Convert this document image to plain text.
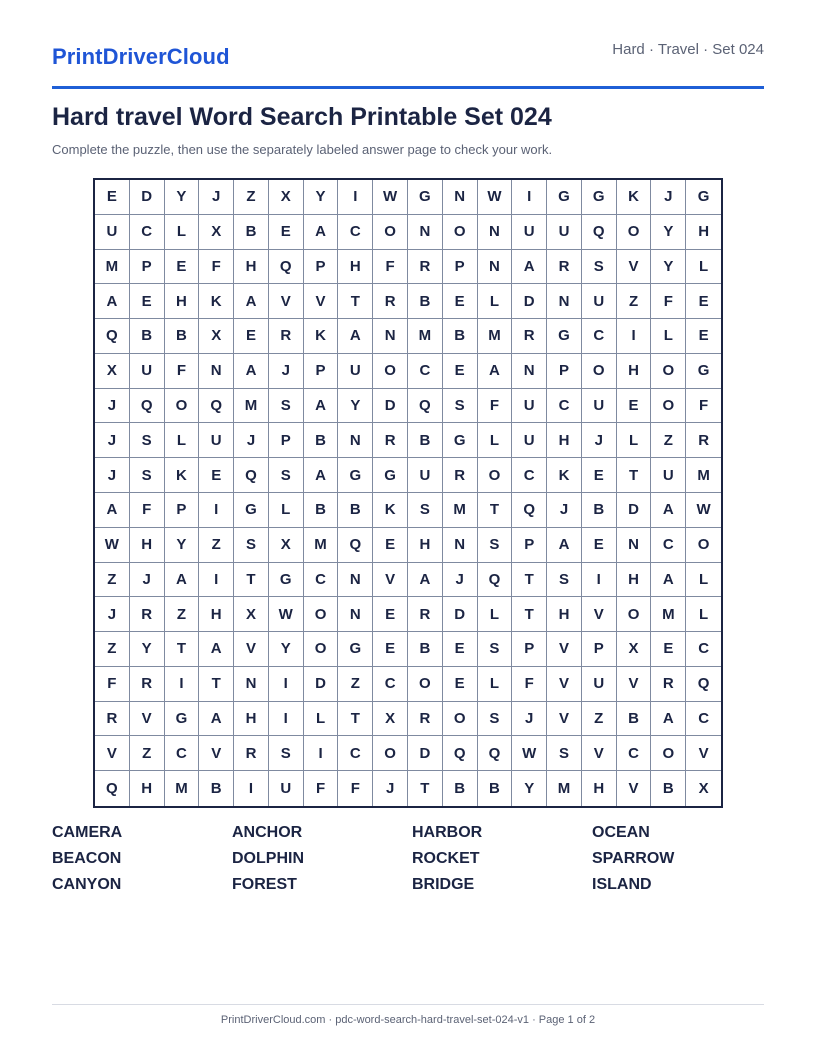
PrintDriverCloud	Hard · Travel · Set 024
Hard travel Word Search Printable Set 024
Complete the puzzle, then use the separately labeled answer page to check your work.
E	D	Y	J	Z	X	Y	I	W	G	N	W	I	G	G	K	J	G
U	C	L	X	B	E	A	C	O	N	O	N	U	U	Q	O	Y	H
M	P	E	F	H	Q	P	H	F	R	P	N	A	R	S	V	Y	L
A	E	H	K	A	V	V	T	R	B	E	L	D	N	U	Z	F	E
Q	B	B	X	E	R	K	A	N	M	B	M	R	G	C	I	L	E
X	U	F	N	A	J	P	U	O	C	E	A	N	P	O	H	O	G
J	Q	O	Q	M	S	A	Y	D	Q	S	F	U	C	U	E	O	F
J	S	L	U	J	P	B	N	R	B	G	L	U	H	J	L	Z	R
J	S	K	E	Q	S	A	G	G	U	R	O	C	K	E	T	U	M
A	F	P	I	G	L	B	B	K	S	M	T	Q	J	B	D	A	W
W	H	Y	Z	S	X	M	Q	E	H	N	S	P	A	E	N	C	O
Z	J	A	I	T	G	C	N	V	A	J	Q	T	S	I	H	A	L
J	R	Z	H	X	W	O	N	E	R	D	L	T	H	V	O	M	L
Z	Y	T	A	V	Y	O	G	E	B	E	S	P	V	P	X	E	C
F	R	I	T	N	I	D	Z	C	O	E	L	F	V	U	V	R	Q
R	V	G	A	H	I	L	T	X	R	O	S	J	V	Z	B	A	C
V	Z	C	V	R	S	I	C	O	D	Q	Q	W	S	V	C	O	V
Q	H	M	B	I	U	F	F	J	T	B	B	Y	M	H	V	B	X
CAMERA	ANCHOR	HARBOR	OCEAN
BEACON	DOLPHIN	ROCKET	SPARROW
CANYON	FOREST	BRIDGE	ISLAND
PrintDriverCloud.com · pdc-word-search-hard-travel-set-024-v1 · Page 1 of 2
